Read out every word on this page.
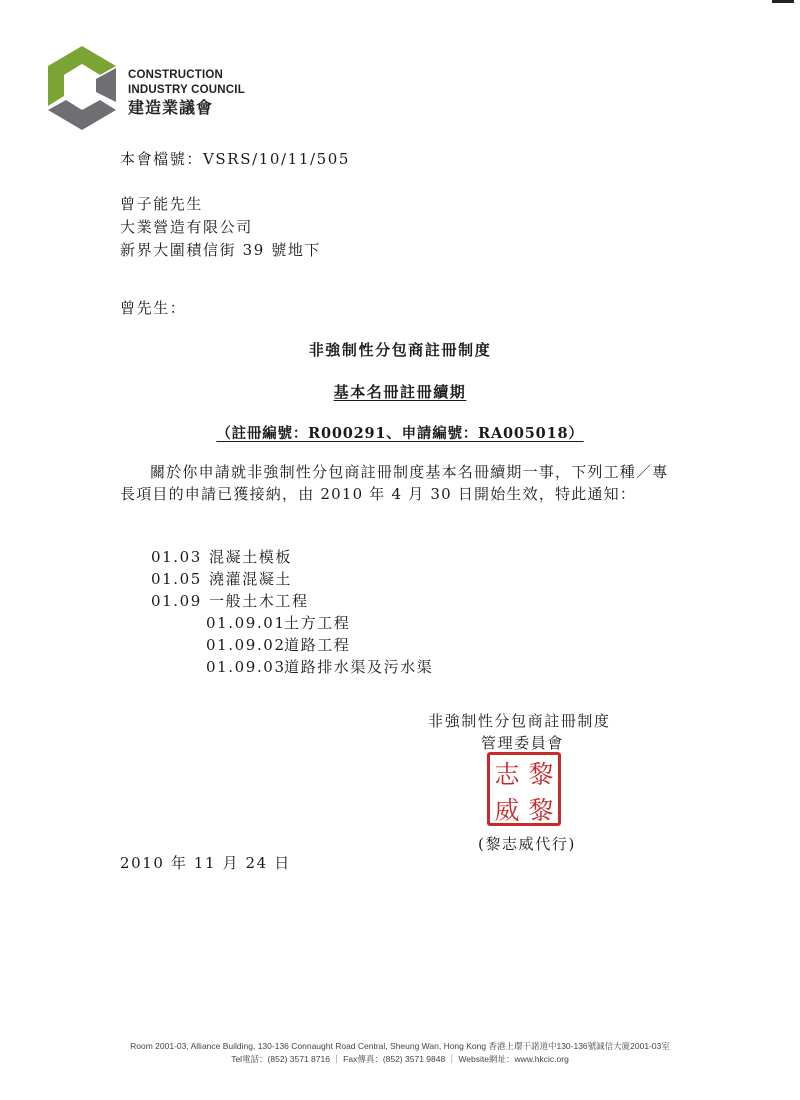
CONSTRUCTION
INDUSTRY COUNCIL
建造業議會
本會檔號：VSRS/10/11/505
曾子能先生
大業營造有限公司
新界大圍積信街 39 號地下
曾先生：
非強制性分包商註冊制度
基本名冊註冊續期
（註冊編號：R000291、申請編號：RA005018）
關於你申請就非強制性分包商註冊制度基本名冊續期一事，下列工種／專長項目的申請已獲接納，由 2010 年 4 月 30 日開始生效，特此通知：
01.03 混凝土模板
01.05 澆灌混凝土
01.09 一般土木工程
01.09.01土方工程
01.09.02道路工程
01.09.03道路排水渠及污水渠
非強制性分包商註冊制度
管理委員會
志 黎
威 黎
(黎志威代行)
2010 年 11 月 24 日
Room 2001-03, Alliance Building, 130-136 Connaught Road Central, Sheung Wan, Hong Kong 香港上環干諾道中130-136號誠信大廈2001-03室
Tel電話：(852) 3571 8716 ｜ Fax傳真：(852) 3571 9848 ｜ Website網址：www.hkcic.org
